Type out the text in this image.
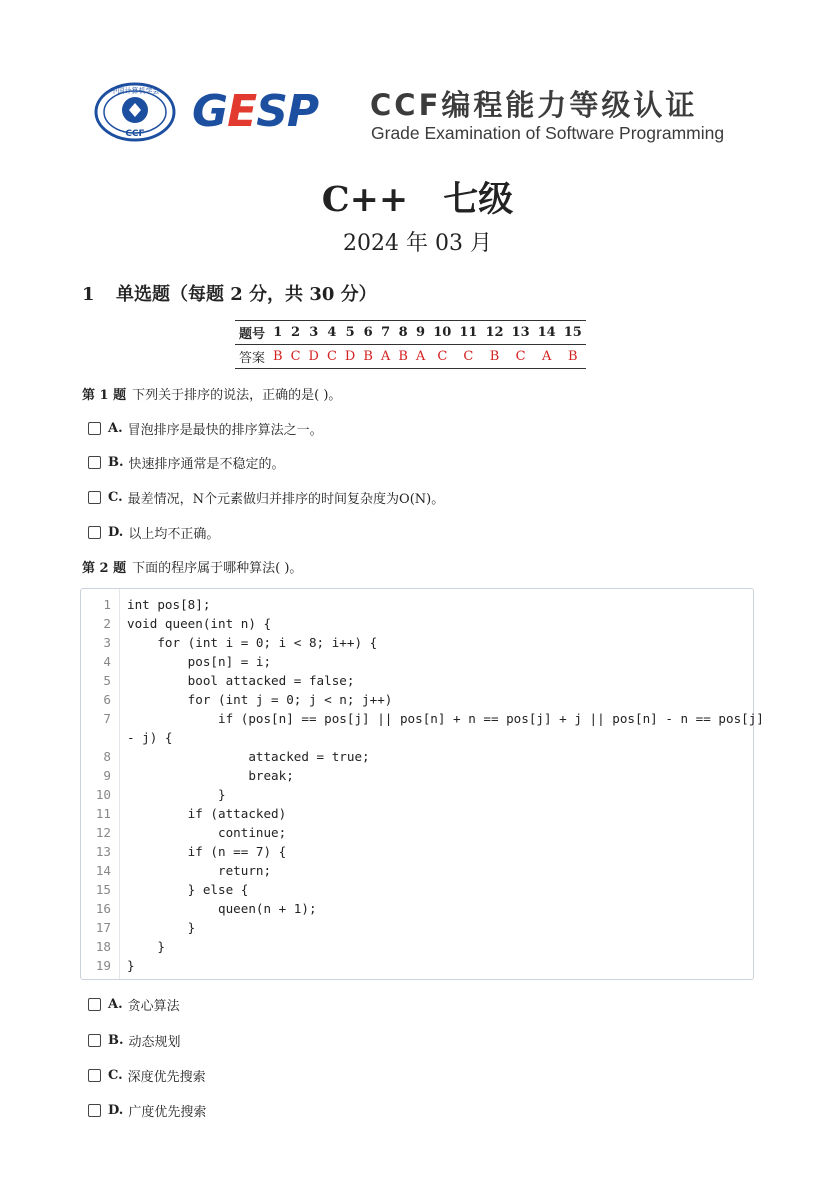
CCF
中国计算机学会 GESP CCF编程能力等级认证
Grade Examination of Software Programming
C++　七级
2024 年 03 月
1 单选题（每题 2 分，共 30 分）
题号	1	2	3	4	5	6	7	8	9	10	11	12	13	14	15
答案	B	C	D	C	D	B	A	B	A	C	C	B	C	A	B
第 1 题 下列关于排序的说法，正确的是( )。
A. 冒泡排序是最快的排序算法之一。
B. 快速排序通常是不稳定的。
C. 最差情况，N个元素做归并排序的时间复杂度为O(N)。
D. 以上均不正确。
第 2 题 下面的程序属于哪种算法( )。
1 int pos[8];
2 void queen(int n) {
3 for (int i = 0; i < 8; i++) {
4 pos[n] = i;
5 bool attacked = false;
6 for (int j = 0; j < n; j++)
7 if (pos[n] == pos[j] || pos[n] + n == pos[j] + j || pos[n] - n == pos[j]
- j) {
8 attacked = true;
9 break;
10 }
11 if (attacked)
12 continue;
13 if (n == 7) {
14 return;
15 } else {
16 queen(n + 1);
17 }
18 }
19 }
A. 贪心算法
B. 动态规划
C. 深度优先搜索
D. 广度优先搜索
